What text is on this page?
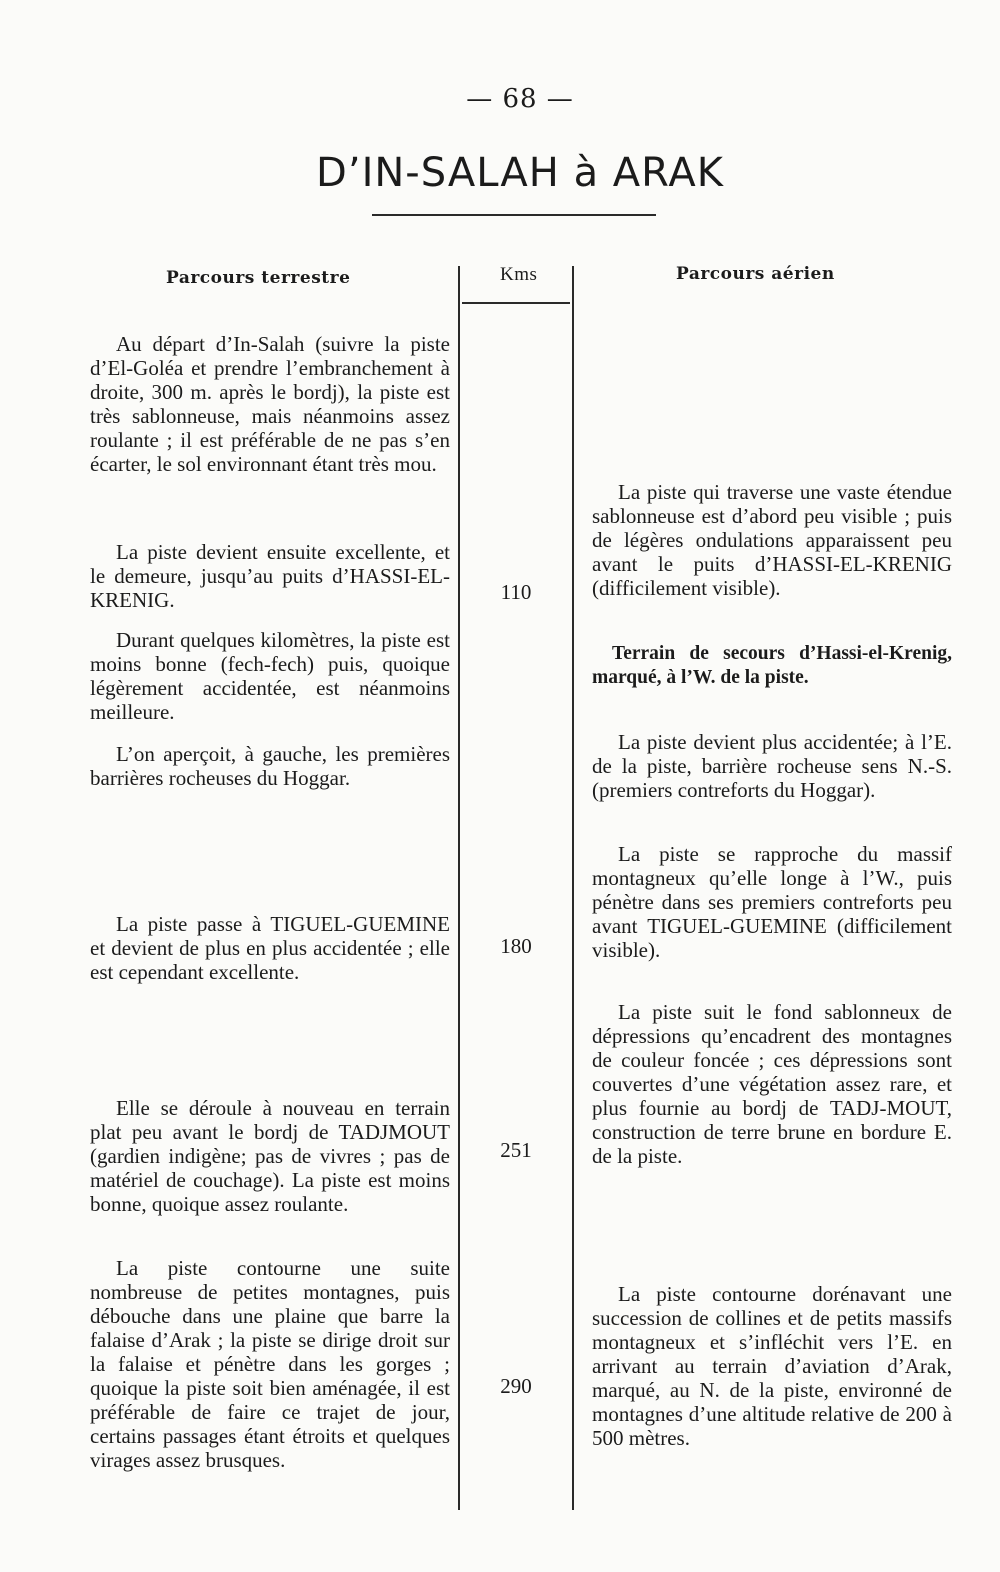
— 68 —
D’IN-SALAH à ARAK
Parcours terrestre	Kms	Parcours aérien

Au départ d’In-Salah (suivre la piste d’El-Goléa et prendre l’embranchement à droite, 300 m. après le bordj), la piste est très sablonneuse, mais néanmoins assez roulante ; il est préférable de ne pas s’en écarter, le sol environnant étant très mou.

La piste devient ensuite excellente, et le demeure, jusqu’au puits d’HASSI-EL-KRENIG.

Durant quelques kilomètres, la piste est moins bonne (fech-fech) puis, quoique légèrement accidentée, est néanmoins meilleure.

L’on aperçoit, à gauche, les premières barrières rocheuses du Hoggar.

La piste passe à TIGUEL-GUEMINE et devient de plus en plus accidentée ; elle est cependant excellente.

Elle se déroule à nouveau en terrain plat peu avant le bordj de TADJMOUT (gardien indigène; pas de vivres ; pas de matériel de couchage). La piste est moins bonne, quoique assez roulante.

La piste contourne une suite nombreuse de petites montagnes, puis débouche dans une plaine que barre la falaise d’Arak ; la piste se dirige droit sur la falaise et pénètre dans les gorges ; quoique la piste soit bien aménagée, il est préférable de faire ce trajet de jour, certains passages étant étroits et quelques virages assez brusques.

110
180
251
290

La piste qui traverse une vaste étendue sablonneuse est d’abord peu visible ; puis de légères ondulations apparaissent peu avant le puits d’HASSI-EL-KRENIG (difficilement visible).

Terrain de secours d’Hassi-el-Krenig, marqué, à l’W. de la piste.

La piste devient plus accidentée; à l’E. de la piste, barrière rocheuse sens N.-S. (premiers contreforts du Hoggar).

La piste se rapproche du massif montagneux qu’elle longe à l’W., puis pénètre dans ses premiers contreforts peu avant TIGUEL-GUEMINE (difficilement visible).

La piste suit le fond sablonneux de dépressions qu’encadrent des montagnes de couleur foncée ; ces dépressions sont couvertes d’une végétation assez rare, et plus fournie au bordj de TADJ-MOUT, construction de terre brune en bordure E. de la piste.

La piste contourne dorénavant une succession de collines et de petits massifs montagneux et s’infléchit vers l’E. en arrivant au terrain d’aviation d’Arak, marqué, au N. de la piste, environné de montagnes d’une altitude relative de 200 à 500 mètres.
